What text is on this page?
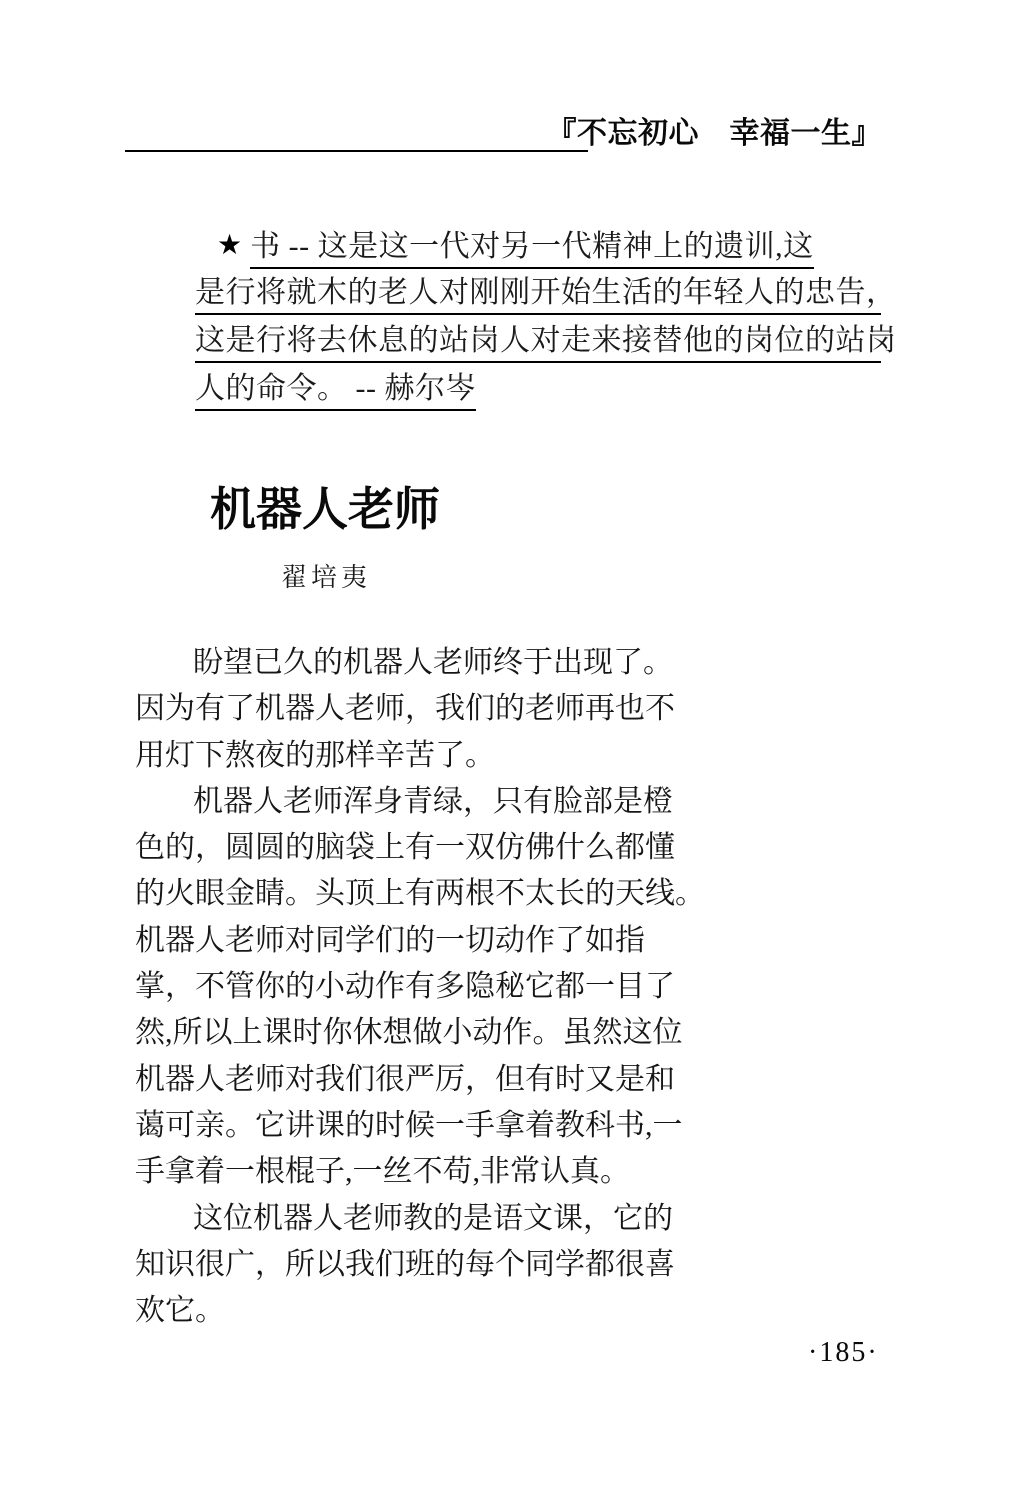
『不忘初心　幸福一生』
★ 书 -- 这是这一代对另一代精神上的遗训,这
是行将就木的老人对刚刚开始生活的年轻人的忠告，
这是行将去休息的站岗人对走来接替他的岗位的站岗
人的命令。 -- 赫尔岑
机器人老师
翟培夷
盼望已久的机器人老师终于出现了。
因为有了机器人老师，我们的老师再也不
用灯下熬夜的那样辛苦了。
机器人老师浑身青绿，只有脸部是橙
色的，圆圆的脑袋上有一双仿佛什么都懂
的火眼金睛。头顶上有两根不太长的天线。
机器人老师对同学们的一切动作了如指
掌，不管你的小动作有多隐秘它都一目了
然,所以上课时你休想做小动作。虽然这位
机器人老师对我们很严厉，但有时又是和
蔼可亲。它讲课的时候一手拿着教科书,一
手拿着一根棍子,一丝不苟,非常认真。
这位机器人老师教的是语文课，它的
知识很广，所以我们班的每个同学都很喜
欢它。
·185·
